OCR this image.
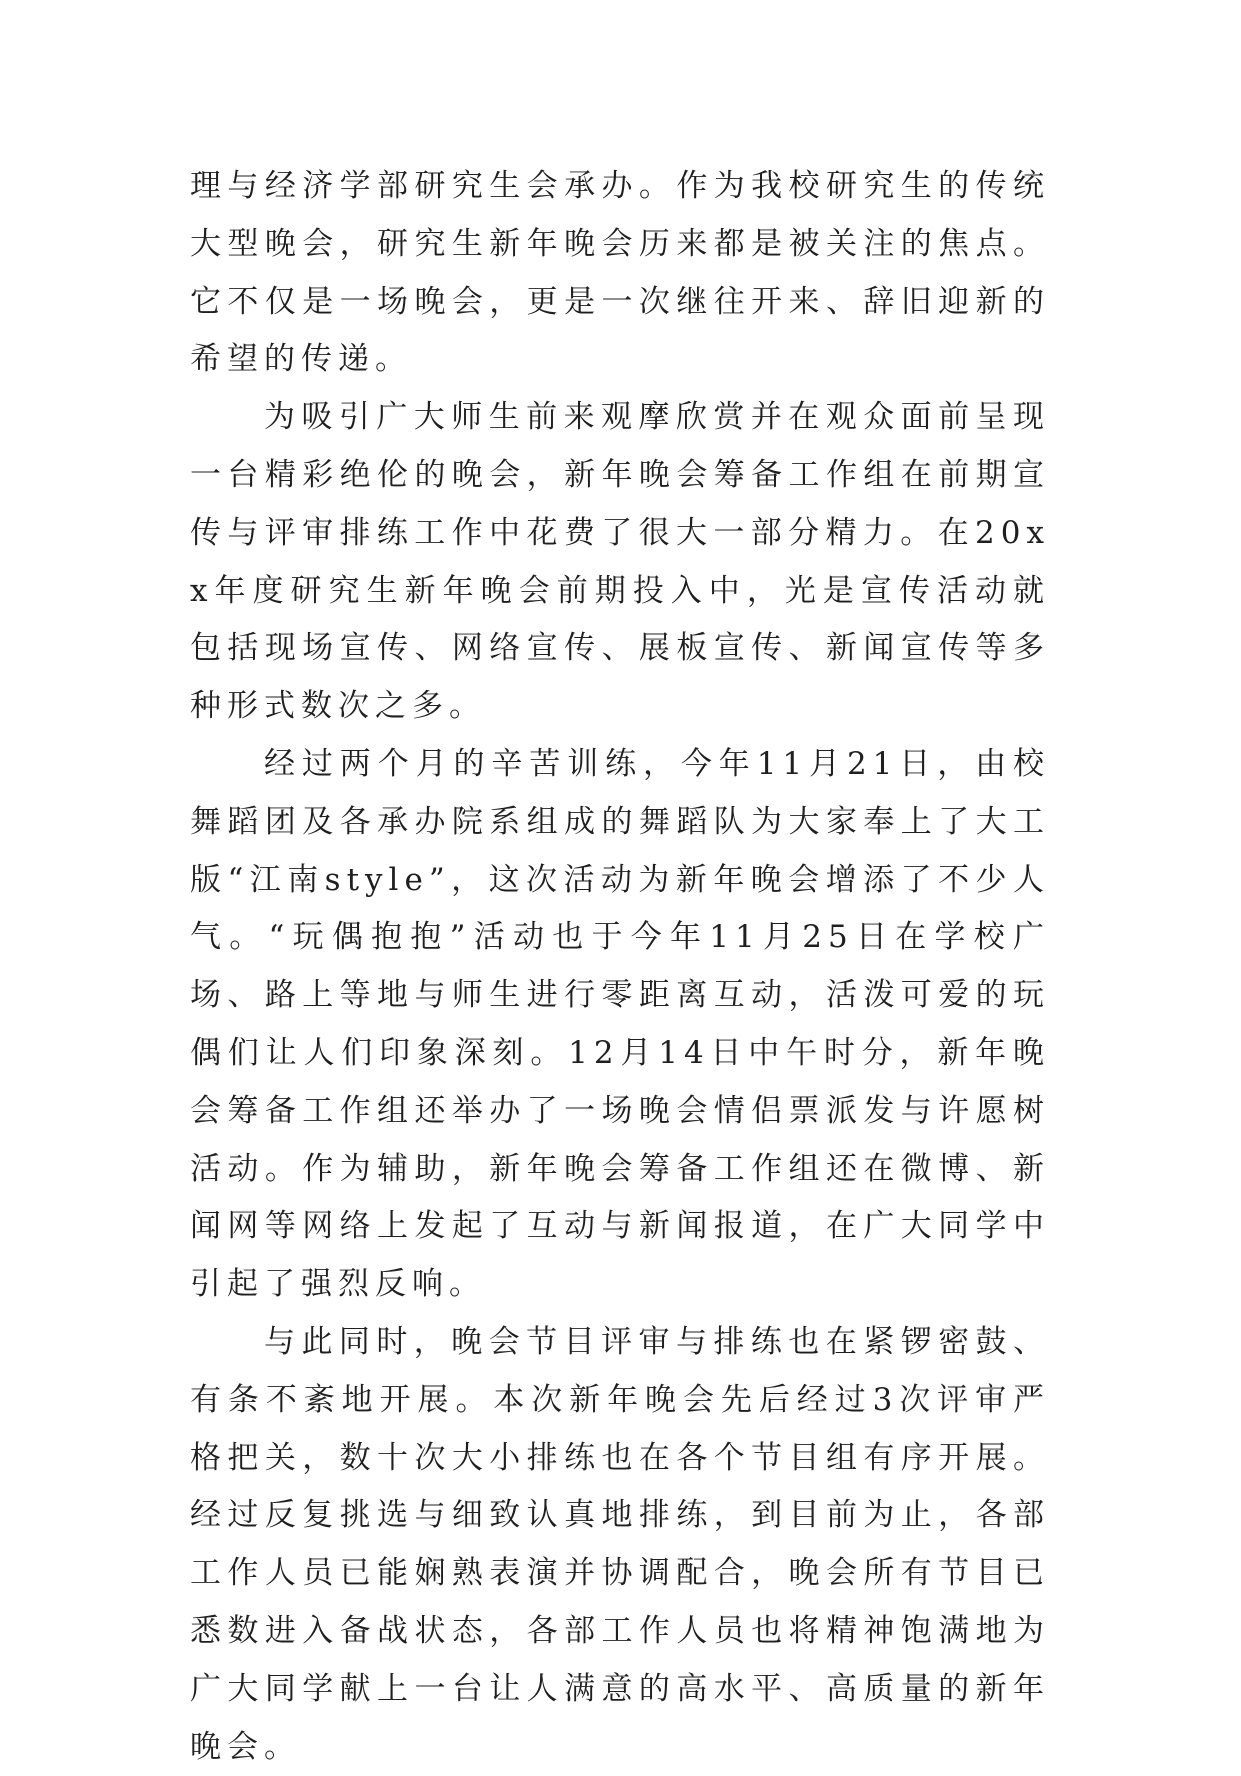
理与经济学部研究生会承办。作为我校研究生的传统大型晚会，研究生新年晚会历来都是被关注的焦点。它不仅是一场晚会，更是一次继往开来、辞旧迎新的希望的传递。

为吸引广大师生前来观摩欣赏并在观众面前呈现一台精彩绝伦的晚会，新年晚会筹备工作组在前期宣传与评审排练工作中花费了很大一部分精力。在20xx年度研究生新年晚会前期投入中，光是宣传活动就包括现场宣传、网络宣传、展板宣传、新闻宣传等多种形式数次之多。

经过两个月的辛苦训练，今年11月21日，由校舞蹈团及各承办院系组成的舞蹈队为大家奉上了大工版“江南style”，这次活动为新年晚会增添了不少人气。“玩偶抱抱”活动也于今年11月25日在学校广场、路上等地与师生进行零距离互动，活泼可爱的玩偶们让人们印象深刻。12月14日中午时分，新年晚会筹备工作组还举办了一场晚会情侣票派发与许愿树活动。作为辅助，新年晚会筹备工作组还在微博、新闻网等网络上发起了互动与新闻报道，在广大同学中引起了强烈反响。

与此同时，晚会节目评审与排练也在紧锣密鼓、有条不紊地开展。本次新年晚会先后经过3次评审严格把关，数十次大小排练也在各个节目组有序开展。经过反复挑选与细致认真地排练，到目前为止，各部工作人员已能娴熟表演并协调配合，晚会所有节目已悉数进入备战状态，各部工作人员也将精神饱满地为广大同学献上一台让人满意的高水平、高质量的新年晚会。
